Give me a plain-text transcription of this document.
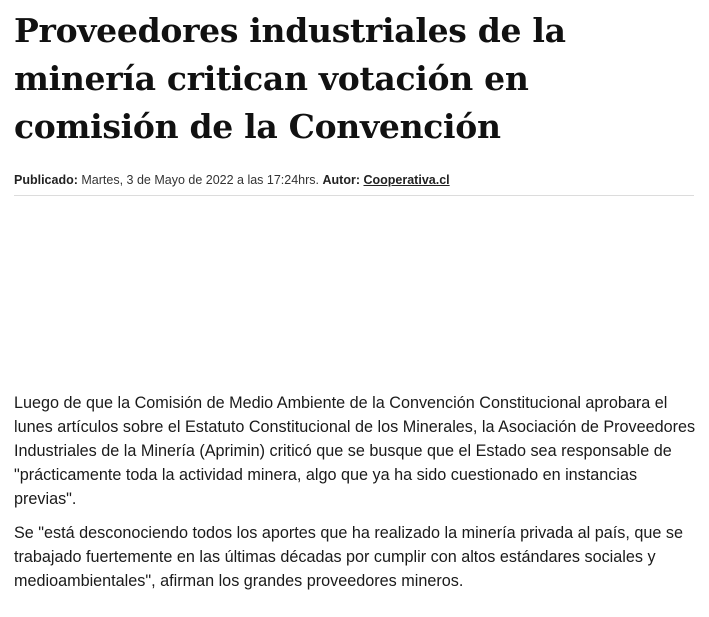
Proveedores industriales de la minería critican votación en comisión de la Convención
Publicado: Martes, 3 de Mayo de 2022 a las 17:24hrs. Autor: Cooperativa.cl

Luego de que la Comisión de Medio Ambiente de la Convención Constitucional aprobara el lunes artículos sobre el Estatuto Constitucional de los Minerales, la Asociación de Proveedores Industriales de la Minería (Aprimin) criticó que se busque que el Estado sea responsable de "prácticamente toda la actividad minera, algo que ya ha sido cuestionado en instancias previas".

Se "está desconociendo todos los aportes que ha realizado la minería privada al país, que se trabajado fuertemente en las últimas décadas por cumplir con altos estándares sociales y medioambientales", afirman los grandes proveedores mineros.
